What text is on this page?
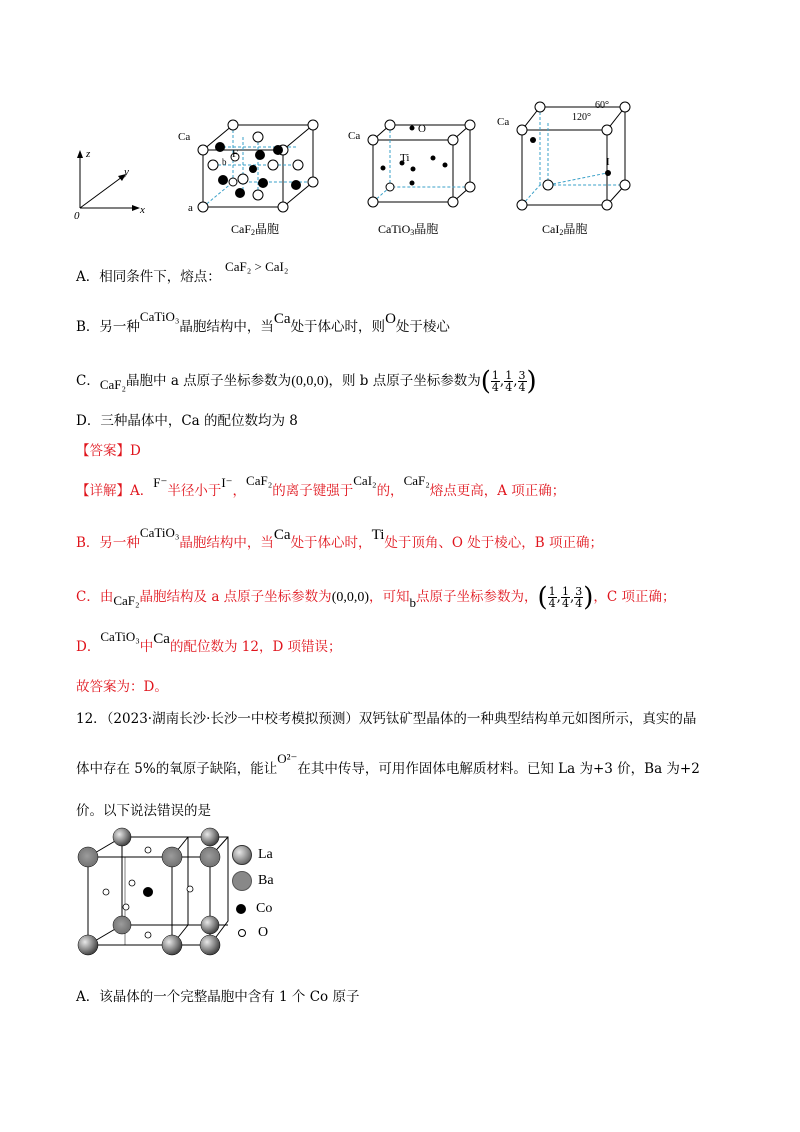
z
y
x
0
Ca
F
b
a
Ca
O
Ti
Ca
60°
120°
I
CaF$_2$晶胞	CaTiO$_3$晶胞	CaI$_2$晶胞
A．相同条件下，熔点： CaF₂ > CaI₂
B．另一种CaTiO₃晶胞结构中，当Ca处于体心时，则O处于棱心
C．CaF₂晶胞中 a 点原子坐标参数为(0,0,0)，则 b 点原子坐标参数为( $\frac{1}{4}$ , $\frac{1}{4}$ , $\frac{3}{4}$ )
D．三种晶体中，Ca 的配位数均为 8
【答案】D
【详解】A．F⁻半径小于I⁻，CaF₂的离子键强于CaI₂的，CaF₂熔点更高，A 项正确；
B．另一种CaTiO₃晶胞结构中，当Ca处于体心时，Ti处于顶角、O 处于棱心，B 项正确；
C．由CaF₂晶胞结构及 a 点原子坐标参数为(0,0,0)，可知b点原子坐标参数为，( $\frac{1}{4}$ , $\frac{1}{4}$ , $\frac{3}{4}$ )，C 项正确；
D．CaTiO₃中Ca的配位数为 12，D 项错误；
故答案为：D。
12．（2023·湖南长沙·长沙一中校考模拟预测）双钙钛矿型晶体的一种典型结构单元如图所示，真实的晶
体中存在 5%的氧原子缺陷，能让O²⁻在其中传导，可用作固体电解质材料。已知 La 为+3 价，Ba 为+2
价。以下说法错误的是
La
Ba
Co
O
A．该晶体的一个完整晶胞中含有 1 个 Co 原子
